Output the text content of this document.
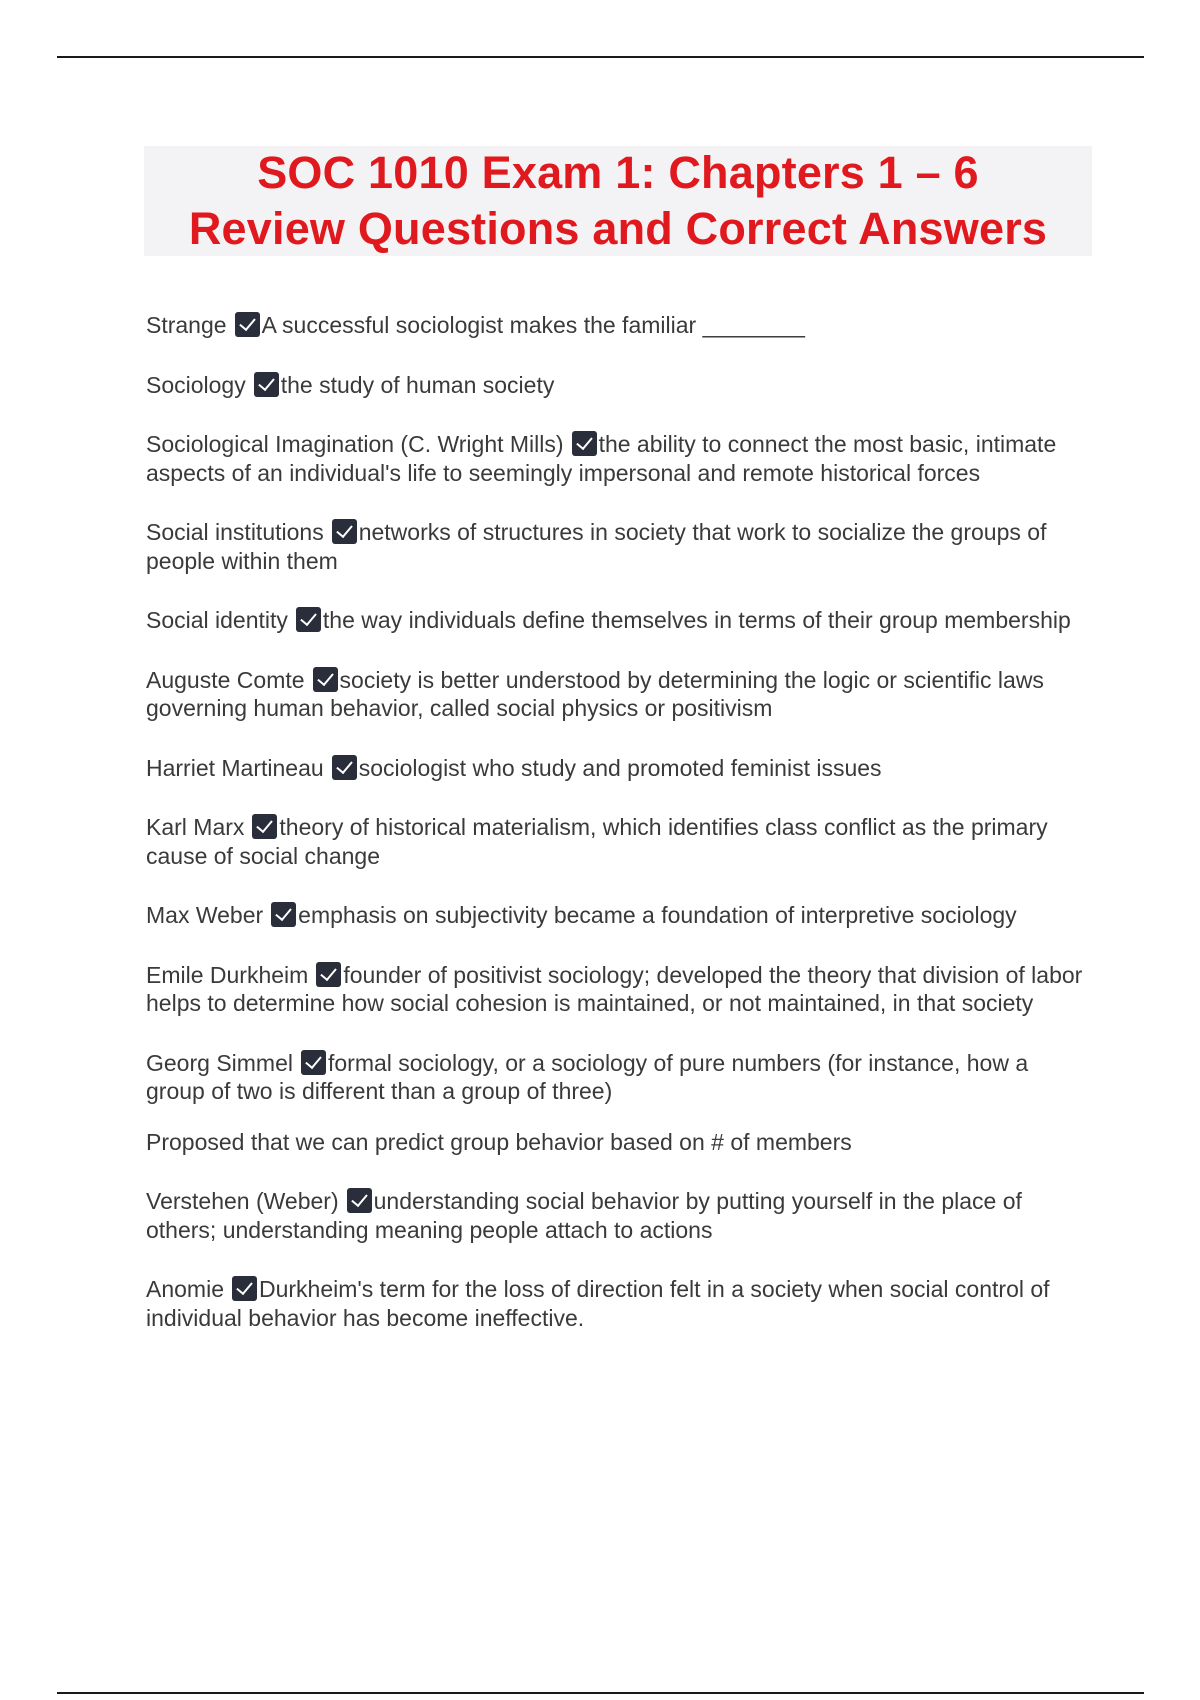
SOC 1010 Exam 1: Chapters 1 – 6
Review Questions and Correct Answers
Strange A successful sociologist makes the familiar ________
Sociology the study of human society
Sociological Imagination (C. Wright Mills) the ability to connect the most basic, intimate aspects of an individual's life to seemingly impersonal and remote historical forces
Social institutions networks of structures in society that work to socialize the groups of people within them
Social identity the way individuals define themselves in terms of their group membership
Auguste Comte society is better understood by determining the logic or scientific laws governing human behavior, called social physics or positivism
Harriet Martineau sociologist who study and promoted feminist issues
Karl Marx theory of historical materialism, which identifies class conflict as the primary cause of social change
Max Weber emphasis on subjectivity became a foundation of interpretive sociology
Emile Durkheim founder of positivist sociology; developed the theory that division of labor helps to determine how social cohesion is maintained, or not maintained, in that society
Georg Simmel formal sociology, or a sociology of pure numbers (for instance, how a group of two is different than a group of three)
Proposed that we can predict group behavior based on # of members
Verstehen (Weber) understanding social behavior by putting yourself in the place of others; understanding meaning people attach to actions
Anomie Durkheim's term for the loss of direction felt in a society when social control of individual behavior has become ineffective.
